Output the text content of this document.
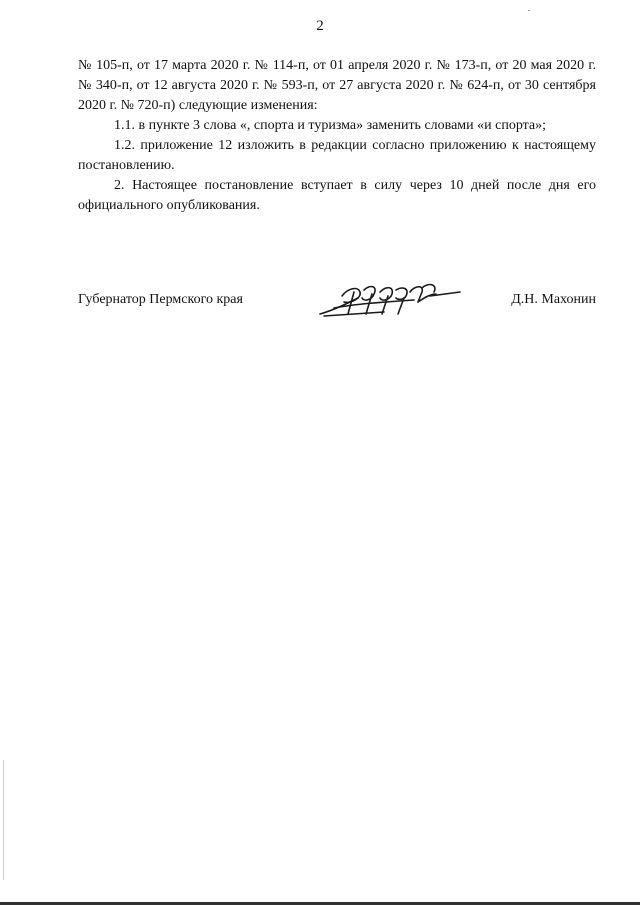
2

№ 105-п, от 17 марта 2020 г. № 114-п, от 01 апреля 2020 г. № 173-п, от 20 мая 2020 г. № 340-п, от 12 августа 2020 г. № 593-п, от 27 августа 2020 г. № 624-п, от 30 сентября 2020 г. № 720-п) следующие изменения:

1.1. в пункте 3 слова «, спорта и туризма» заменить словами «и спорта»;

1.2. приложение 12 изложить в редакции согласно приложению к настоящему постановлению.

2. Настоящее постановление вступает в силу через 10 дней после дня его официального опубликования.

Губернатор Пермского края	Д.Н. Махонин
